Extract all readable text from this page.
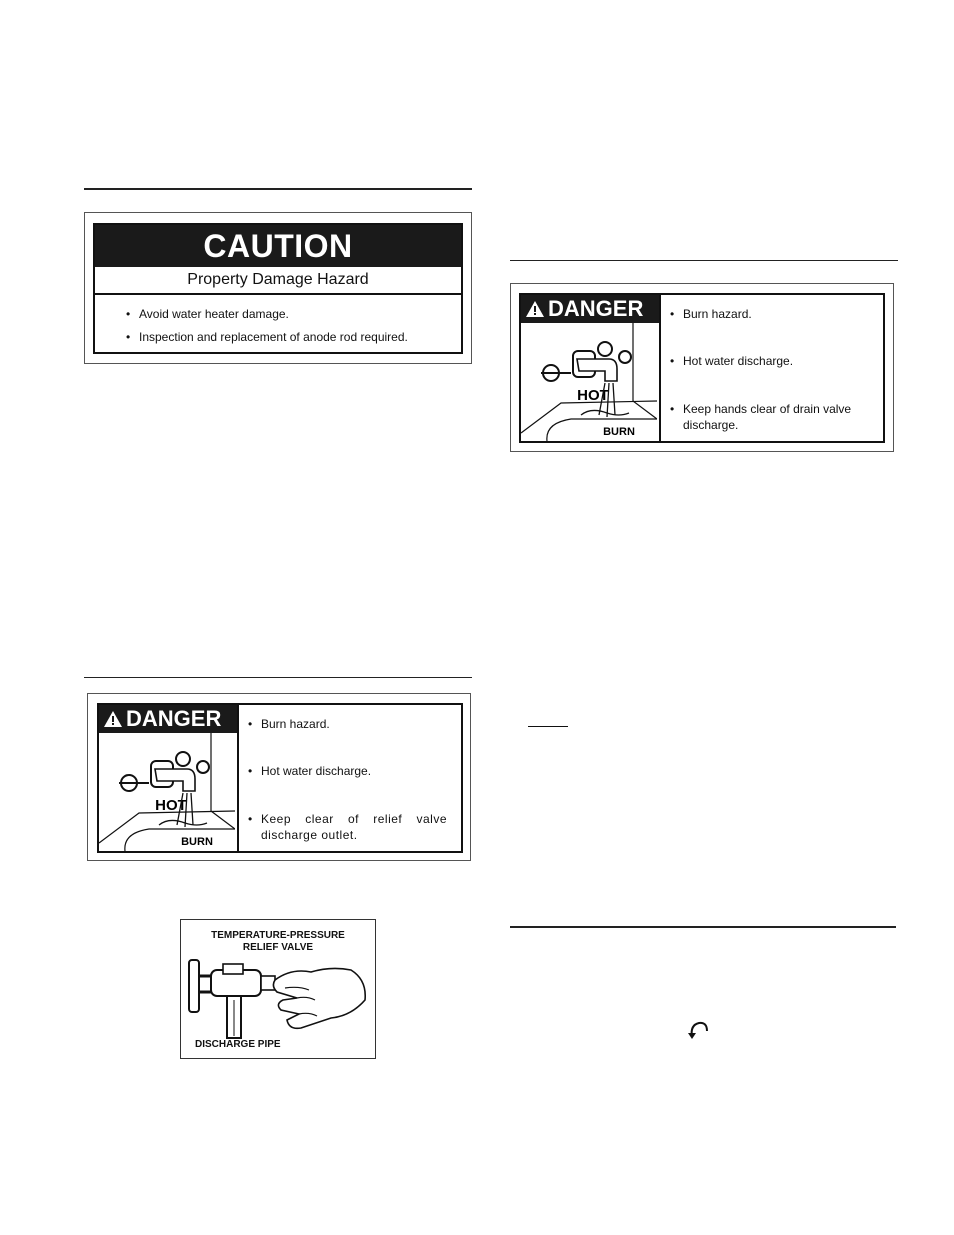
CAUTION
Property Damage Hazard
• Avoid water heater damage.
• Inspection and replacement of anode rod required.
DANGER
HOT
BURN
• Burn hazard.
• Hot water discharge.
• Keep clear of relief valve discharge outlet.
DANGER
HOT
BURN
• Burn hazard.
• Hot water discharge.
• Keep hands clear of drain valve discharge.
TEMPERATURE-PRESSURE
RELIEF VALVE
DISCHARGE PIPE
